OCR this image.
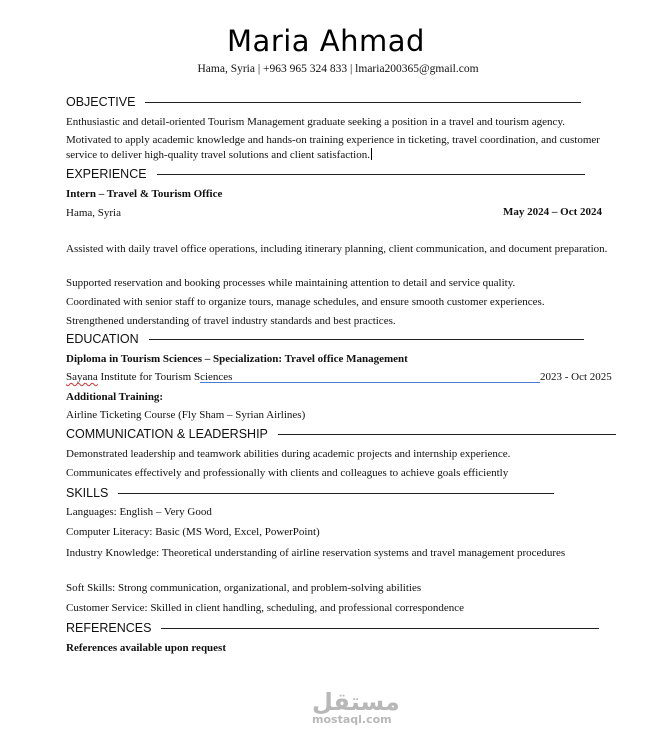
Maria Ahmad
Hama, Syria | +963 965 324 833 | lmaria200365@gmail.com
OBJECTIVE
Enthusiastic and detail-oriented Tourism Management graduate seeking a position in a travel and tourism agency.
Motivated to apply academic knowledge and hands-on training experience in ticketing, travel coordination, and customer service to deliver high-quality travel solutions and client satisfaction.
EXPERIENCE
Intern – Travel & Tourism Office
Hama, Syria	May 2024 – Oct 2024
Assisted with daily travel office operations, including itinerary planning, client communication, and document preparation.
Supported reservation and booking processes while maintaining attention to detail and service quality.
Coordinated with senior staff to organize tours, manage schedules, and ensure smooth customer experiences.
Strengthened understanding of travel industry standards and best practices.
EDUCATION
Diploma in Tourism Sciences – Specialization: Travel office Management
Sayana Institute for Tourism Sciences	2023 - Oct 2025
Additional Training:
Airline Ticketing Course (Fly Sham – Syrian Airlines)
COMMUNICATION & LEADERSHIP
Demonstrated leadership and teamwork abilities during academic projects and internship experience.
Communicates effectively and professionally with clients and colleagues to achieve goals efficiently
SKILLS
Languages: English – Very Good
Computer Literacy: Basic (MS Word, Excel, PowerPoint)
Industry Knowledge: Theoretical understanding of airline reservation systems and travel management procedures
Soft Skills: Strong communication, organizational, and problem-solving abilities
Customer Service: Skilled in client handling, scheduling, and professional correspondence
REFERENCES
References available upon request
مستقل
mostaql.com
